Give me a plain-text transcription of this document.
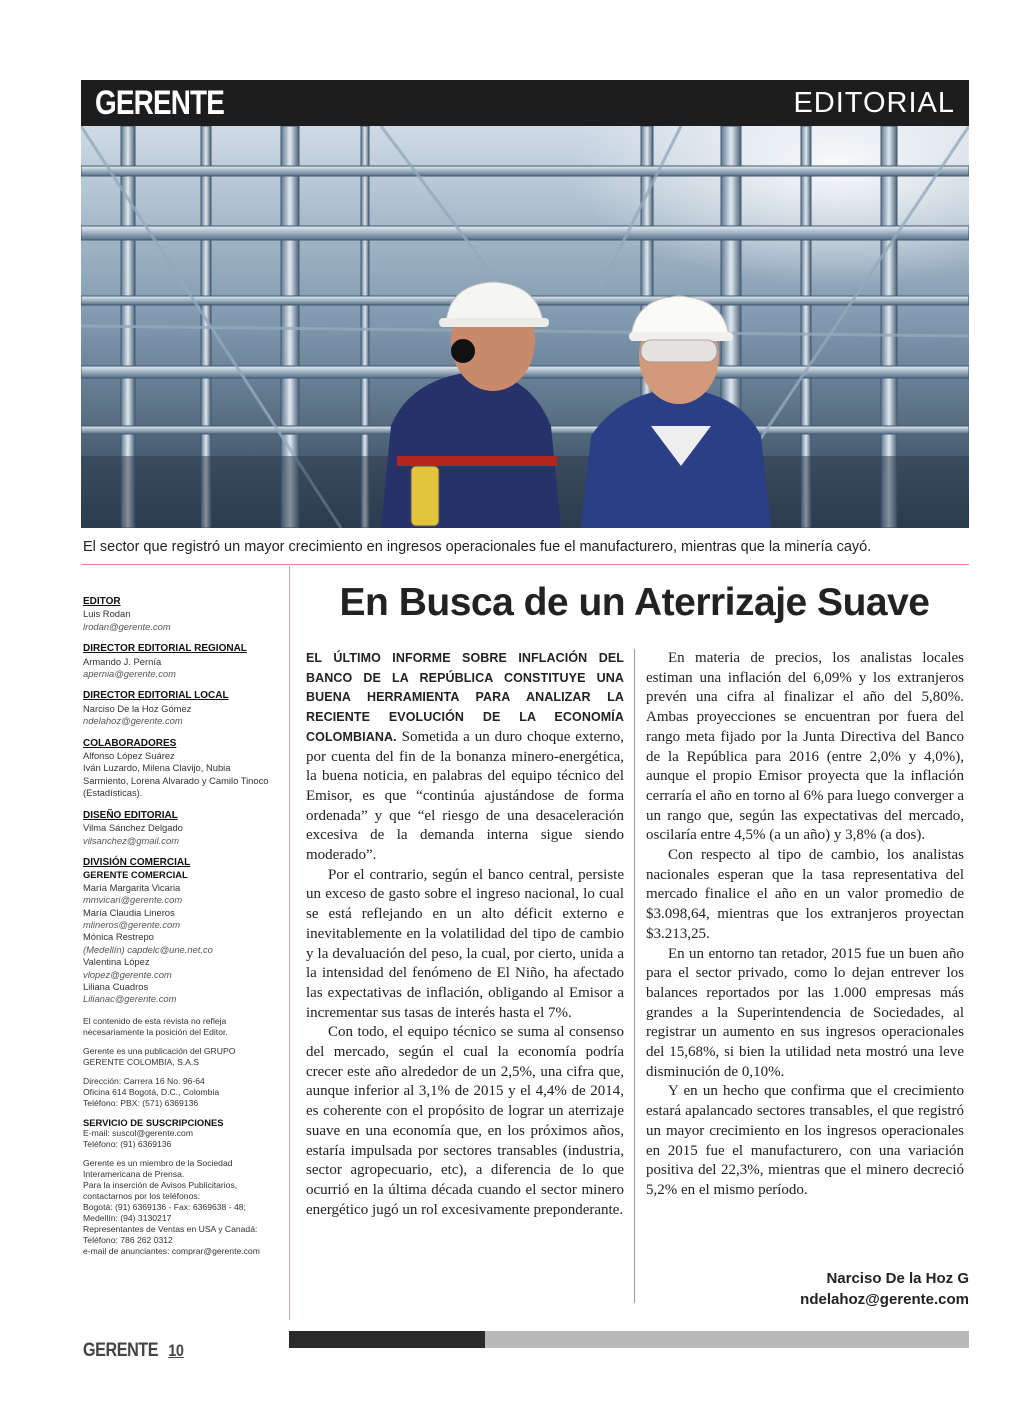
GERENTE	EDITORIAL
El sector que registró un mayor crecimiento en ingresos operacionales fue el manufacturero, mientras que la minería cayó.

EDITOR

Luis Rodan

lrodan@gerente.com

DIRECTOR EDITORIAL REGIONAL

Armando J. Pernía

apernia@gerente.com

DIRECTOR EDITORIAL LOCAL

Narciso De la Hoz Gómez

ndelahoz@gerente.com

COLABORADORES

Alfonso López Suárez

Iván Luzardo, Milena Clavijo, Nubia Sarmiento, Lorena Alvarado y Camilo Tinoco (Estadísticas).

DISEÑO EDITORIAL

Vilma Sánchez Delgado

vilsanchez@gmail.com

DIVISIÓN COMERCIAL

GERENTE COMERCIAL

María Margarita Vicaria

mmvicari@gerente.com

María Claudia Lineros

mlineros@gerente.com

Mónica Restrepo

(Medellín) capdelc@une.net.co

Valentina López

vlopez@gerente.com

Liliana Cuadros

Lilianac@gerente.com

El contenido de esta revista no refleja necesariamente la posición del Editor.

Gerente es una publicación del GRUPO GERENTE COLOMBIA, S.A.S

Dirección: Carrera 16 No. 96-64

Oficina 614 Bogotá, D.C., Colombia

Teléfono: PBX: (571) 6369136

SERVICIO DE SUSCRIPCIONES

E-mail: suscol@gerente.com

Teléfono: (91) 6369136

Gerente es un miembro de la Sociedad Interamericana de Prensa.

Para la inserción de Avisos Publicitarios, contactarnos por los teléfonos:

Bogotá: (91) 6369136 - Fax: 6369638 - 48;

Medellín: (94) 3130217

Representantes de Ventas en USA y Canadá:

Teléfono: 786 262 0312

e-mail de anunciantes: comprar@gerente.com

En Busca de un Aterrizaje Suave

EL ÚLTIMO INFORME SOBRE INFLACIÓN DEL BANCO DE LA REPÚBLICA CONSTITUYE UNA BUENA HERRAMIENTA PARA ANALIZAR LA RECIENTE EVOLUCIÓN DE LA ECONOMÍA COLOMBIANA. Sometida a un duro choque externo, por cuenta del fin de la bonanza minero-energética, la buena noticia, en palabras del equipo técnico del Emisor, es que “continúa ajustándose de forma ordenada” y que “el riesgo de una desaceleración excesiva de la demanda interna sigue siendo moderado”.

Por el contrario, según el banco central, persiste un exceso de gasto sobre el ingreso nacional, lo cual se está reflejando en un alto déficit externo e inevitablemente en la volatilidad del tipo de cambio y la devaluación del peso, la cual, por cierto, unida a la intensidad del fenómeno de El Niño, ha afectado las expectativas de inflación, obligando al Emisor a incrementar sus tasas de interés hasta el 7%.

Con todo, el equipo técnico se suma al consenso del mercado, según el cual la economía podría crecer este año alrededor de un 2,5%, una cifra que, aunque inferior al 3,1% de 2015 y el 4,4% de 2014, es coherente con el propósito de lograr un aterrizaje suave en una economía que, en los próximos años, estaría impulsada por sectores transables (industria, sector agropecuario, etc), a diferencia de lo que ocurrió en la última década cuando el sector minero energético jugó un rol excesivamente preponderante.

En materia de precios, los analistas locales estiman una inflación del 6,09% y los extranjeros prevén una cifra al finalizar el año del 5,80%. Ambas proyecciones se encuentran por fuera del rango meta fijado por la Junta Directiva del Banco de la República para 2016 (entre 2,0% y 4,0%), aunque el propio Emisor proyecta que la inflación cerraría el año en torno al 6% para luego converger a un rango que, según las expectativas del mercado, oscilaría entre 4,5% (a un año) y 3,8% (a dos).

Con respecto al tipo de cambio, los analistas nacionales esperan que la tasa representativa del mercado finalice el año en un valor promedio de $3.098,64, mientras que los extranjeros proyectan $3.213,25.

En un entorno tan retador, 2015 fue un buen año para el sector privado, como lo dejan entrever los balances reportados por las 1.000 empresas más grandes a la Superintendencia de Sociedades, al registrar un aumento en sus ingresos operacionales del 15,68%, si bien la utilidad neta mostró una leve disminución de 0,10%.

Y en un hecho que confirma que el crecimiento estará apalancado sectores transables, el que registró un mayor crecimiento en los ingresos operacionales en 2015 fue el manufacturero, con una variación positiva del 22,3%, mientras que el minero decreció 5,2% en el mismo período.

Narciso De la Hoz G
ndelahoz@gerente.com
GERENTE 10
